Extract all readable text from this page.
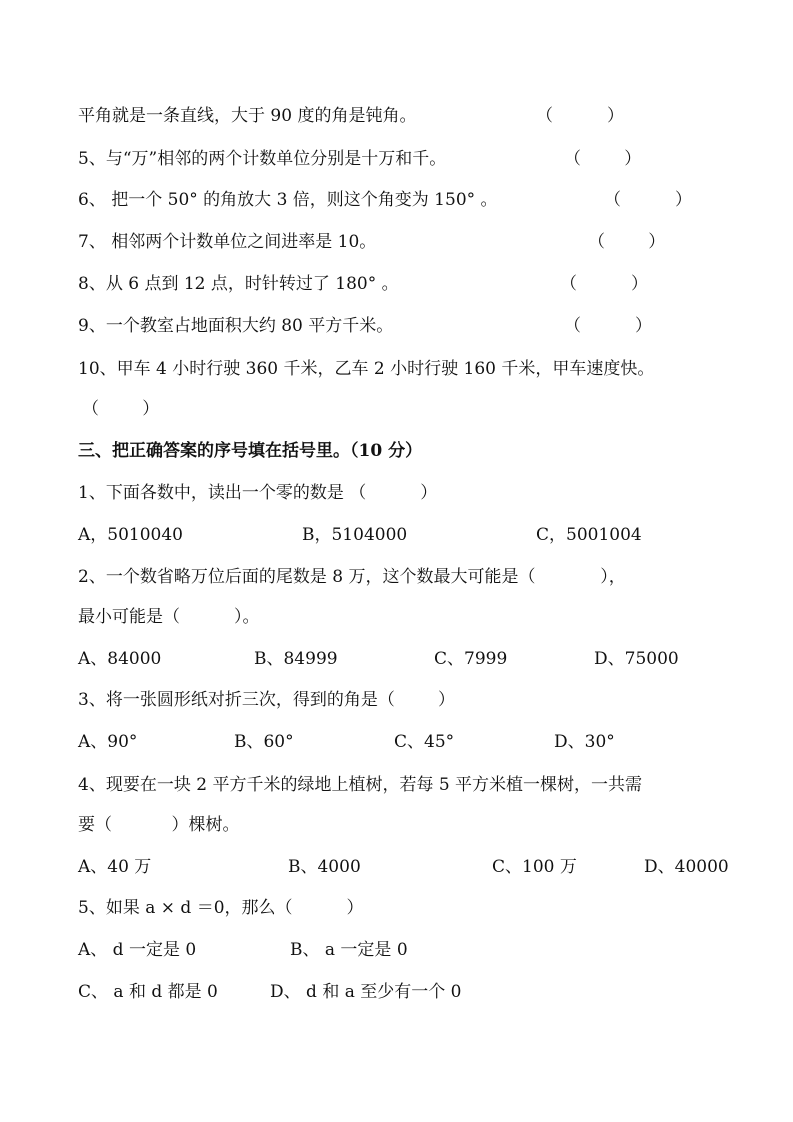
平角就是一条直线，大于 90 度的角是钝角。	（          ）
5、与“万”相邻的两个计数单位分别是十万和千。	（        ）
6、 把一个 50° 的角放大 3 倍，则这个角变为 150° 。	（          ）
7、 相邻两个计数单位之间进率是 10。	（        ）
8、从 6 点到 12 点，时针转过了 180° 。	（          ）
9、一个教室占地面积大约 80 平方千米。	（          ）
10、甲车 4 小时行驶 360 千米，乙车 2 小时行驶 160 千米，甲车速度快。
（        ）
三、把正确答案的序号填在括号里。（10 分）
1、下面各数中，读出一个零的数是 （          ）
A，5010040	B，5104000	C，5001004
2、一个数省略万位后面的尾数是 8 万，这个数最大可能是（            ），
最小可能是（          ）。
A、84000	B、84999	C、7999	D、75000
3、将一张圆形纸对折三次，得到的角是（        ）
A、90°	B、60°	C、45°	D、30°
4、现要在一块 2 平方千米的绿地上植树，若每 5 平方米植一棵树，一共需
要（           ）棵树。
A、40 万	B、4000	C、100 万	D、40000
5、如果 a × d ＝0，那么（          ）
A、 d 一定是 0	B、 a 一定是 0
C、 a 和 d 都是 0	D、 d 和 a 至少有一个 0
